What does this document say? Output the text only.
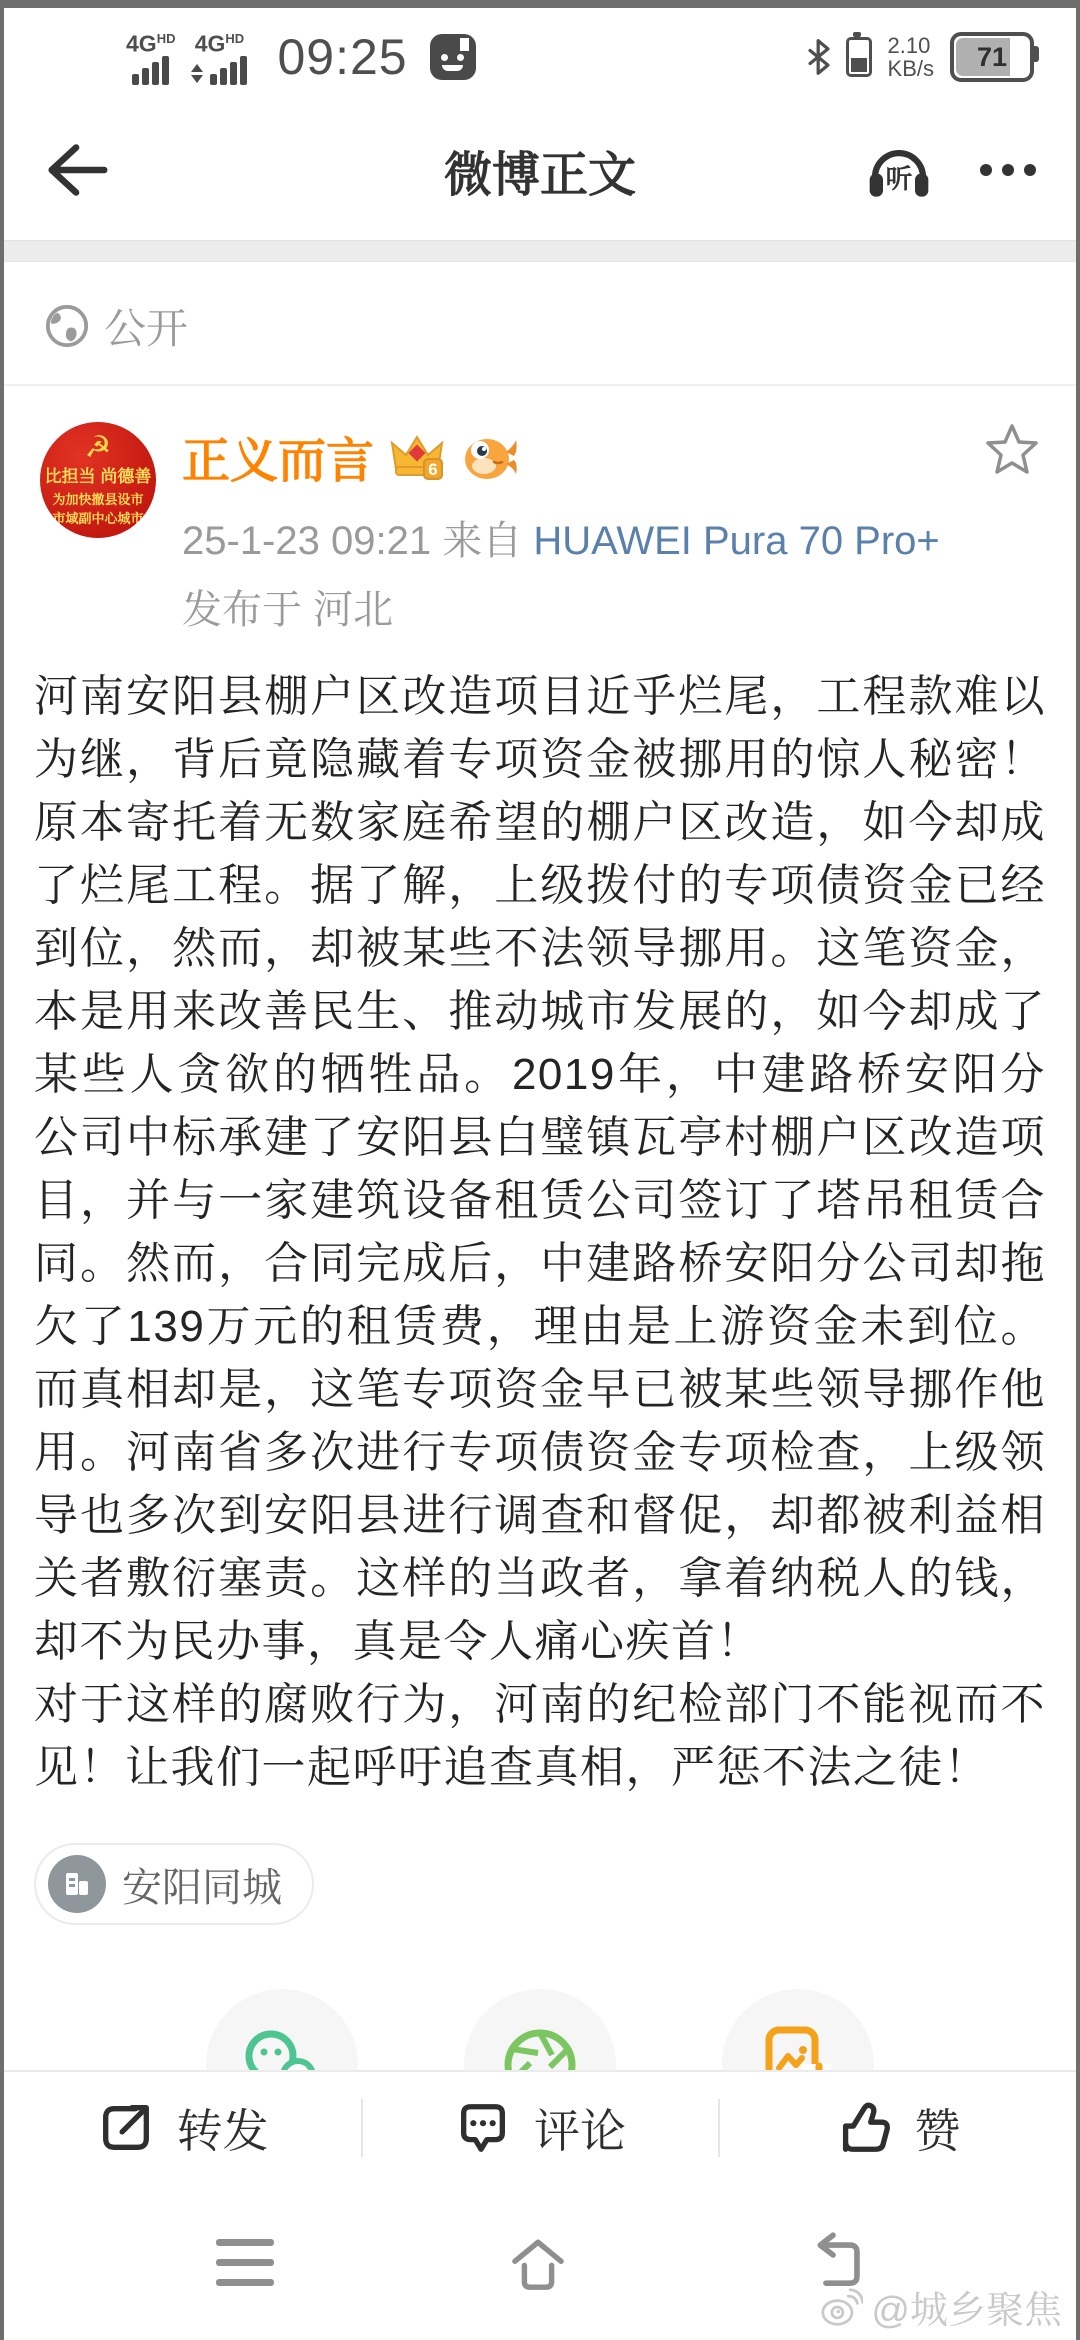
$4G^{HD}$ $4G^{HD}$ 09:25	2.10
KB/s 71
微博正文	听
公开
☭
比担当 尚德善
为加快撤县设市
市域副中心城市
正义而言	6
25-1-23 09:21 来自 HUAWEI Pura 70 Pro+
发布于 河北

河南安阳县棚户区改造项目近乎烂尾，工程款难以为继，背后竟隐藏着专项资金被挪用的惊人秘密！原本寄托着无数家庭希望的棚户区改造，如今却成了烂尾工程。据了解，上级拨付的专项债资金已经到位，然而，却被某些不法领导挪用。这笔资金，本是用来改善民生、推动城市发展的，如今却成了某些人贪欲的牺牲品。2019年，中建路桥安阳分公司中标承建了安阳县白璧镇瓦亭村棚户区改造项目，并与一家建筑设备租赁公司签订了塔吊租赁合同。然而，合同完成后，中建路桥安阳分公司却拖欠了139万元的租赁费，理由是上游资金未到位。而真相却是，这笔专项资金早已被某些领导挪作他用。河南省多次进行专项债资金专项检查，上级领导也多次到安阳县进行调查和督促，却都被利益相关者敷衍塞责。这样的当政者，拿着纳税人的钱，却不为民办事，真是令人痛心疾首！

对于这样的腐败行为，河南的纪检部门不能视而不见！让我们一起呼吁追查真相，严惩不法之徒！

安阳同城
转发	评论	赞
@城乡聚焦
